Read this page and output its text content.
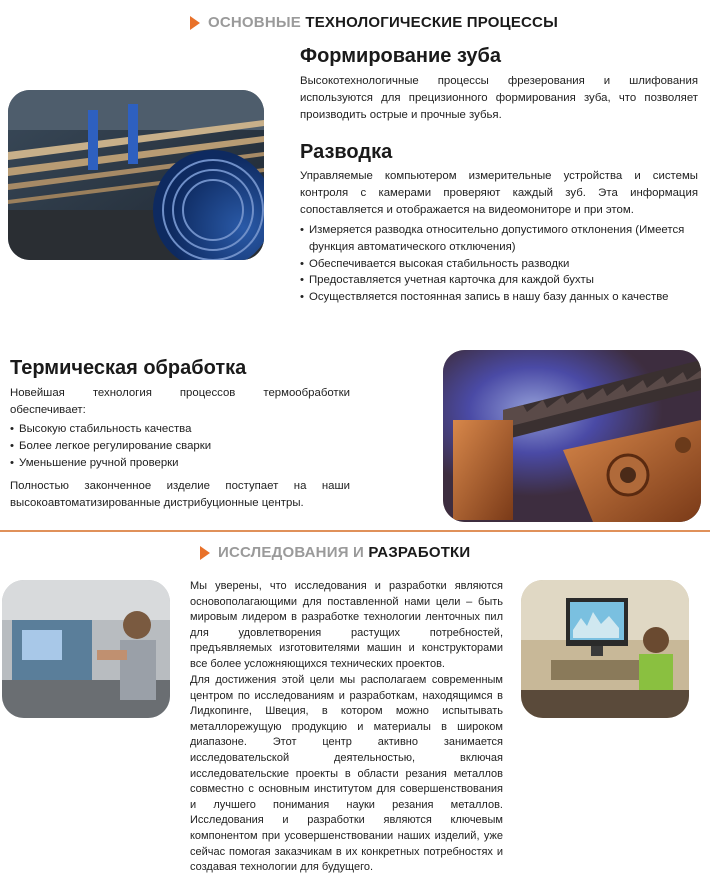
ОСНОВНЫЕ
ТЕХНОЛОГИЧЕСКИЕ ПРОЦЕССЫ
Формирование зуба

Высокотехнологичные процессы фрезерования и шлифования используются для прецизионного формирования зуба, что позволяет производить острые и прочные зубья.

Разводка

Управляемые компьютером измерительные устройства и системы контроля с камерами проверяют каждый зуб. Эта информация сопоставляется и отображается на видеомониторе и при этом.

• Измеряется разводка относительно допустимого отклонения (Имеется функция автоматического отключения)
• Обеспечивается высокая стабильность разводки
• Предоставляется учетная карточка для каждой бухты
• Осуществляется постоянная запись в нашу базу данных о качестве
Термическая обработка

Новейшая технология процессов термообработки обеспечивает:

• Высокую стабильность качества
• Более легкое регулирование сварки
• Уменьшение ручной проверки

Полностью законченное изделие поступает на наши высокоавтоматизированные дистрибуционные центры.

ИССЛЕДОВАНИЯ И
РАЗРАБОТКИ

Мы уверены, что исследования и разработки являются основополагающими для поставленной нами цели – быть мировым лидером в разработке технологии ленточных пил для удовлетворения растущих потребностей, предъявляемых изготовителями машин и конструкторами все более усложняющихся технических проектов.

Для достижения этой цели мы располагаем современным центром по исследованиям и разработкам, находящимся в Лидкопинге, Швеция, в котором можно испытывать металлорежущую продукцию и материалы в широком диапазоне. Этот центр активно занимается исследовательской деятельностью, включая исследовательские проекты в области резания металлов совместно с основным институтом для совершенствования и лучшего понимания науки резания металлов. Исследования и разработки являются ключевым компонентом при усовершенствовании наших изделий, уже сейчас помогая заказчикам в их конкретных потребностях и создавая технологии для будущего.
